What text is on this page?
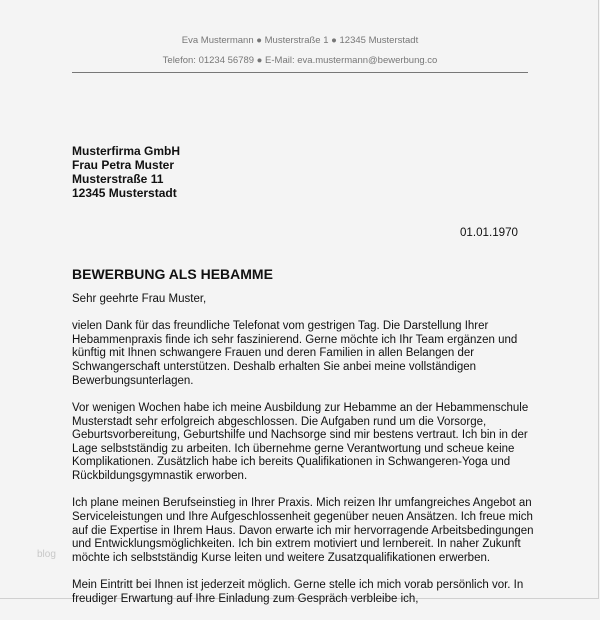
Eva Mustermann ● Musterstraße 1 ● 12345 Musterstadt
Telefon: 01234 56789 ● E-Mail: eva.mustermann@bewerbung.co
Musterfirma GmbH
Frau Petra Muster
Musterstraße 11
12345 Musterstadt
01.01.1970
BEWERBUNG ALS HEBAMME

Sehr geehrte Frau Muster,

vielen Dank für das freundliche Telefonat vom gestrigen Tag. Die Darstellung Ihrer
Hebammenpraxis finde ich sehr faszinierend. Gerne möchte ich Ihr Team ergänzen und
künftig mit Ihnen schwangere Frauen und deren Familien in allen Belangen der
Schwangerschaft unterstützen. Deshalb erhalten Sie anbei meine vollständigen
Bewerbungsunterlagen.

Vor wenigen Wochen habe ich meine Ausbildung zur Hebamme an der Hebammenschule
Musterstadt sehr erfolgreich abgeschlossen. Die Aufgaben rund um die Vorsorge,
Geburtsvorbereitung, Geburtshilfe und Nachsorge sind mir bestens vertraut. Ich bin in der
Lage selbstständig zu arbeiten. Ich übernehme gerne Verantwortung und scheue keine
Komplikationen. Zusätzlich habe ich bereits Qualifikationen in Schwangeren-Yoga und
Rückbildungsgymnastik erworben.

Ich plane meinen Berufseinstieg in Ihrer Praxis. Mich reizen Ihr umfangreiches Angebot an
Serviceleistungen und Ihre Aufgeschlossenheit gegenüber neuen Ansätzen. Ich freue mich
auf die Expertise in Ihrem Haus. Davon erwarte ich mir hervorragende Arbeitsbedingungen
und Entwicklungsmöglichkeiten. Ich bin extrem motiviert und lernbereit. In naher Zukunft
möchte ich selbstständig Kurse leiten und weitere Zusatzqualifikationen erwerben.

Mein Eintritt bei Ihnen ist jederzeit möglich. Gerne stelle ich mich vorab persönlich vor. In
freudiger Erwartung auf Ihre Einladung zum Gespräch verbleibe ich,

blog
